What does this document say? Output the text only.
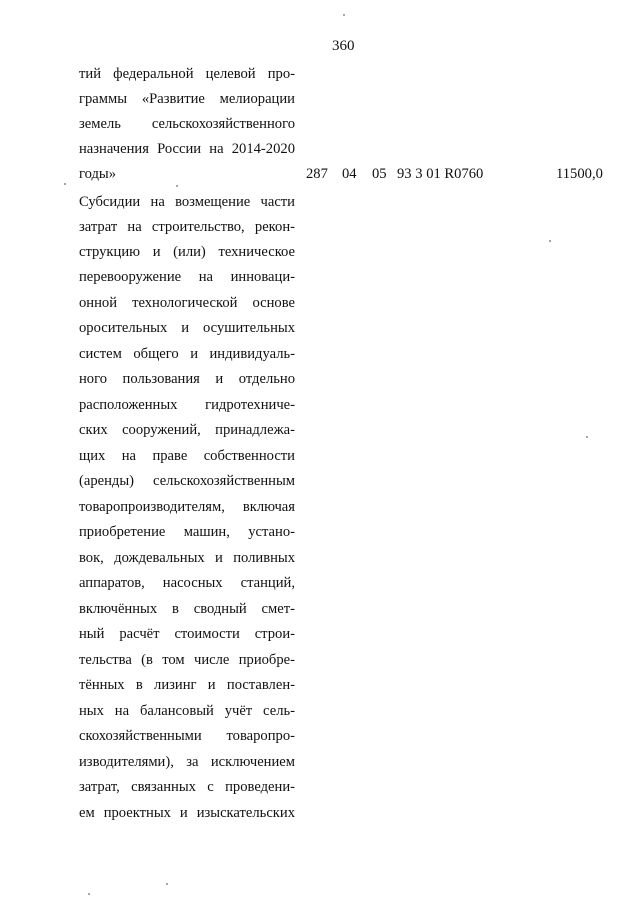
360
тий федеральной целевой про-
граммы «Развитие мелиорации
земель сельскохозяйственного
назначения России на 2014-2020
годы»
Субсидии на возмещение части
затрат на строительство, рекон-
струкцию и (или) техническое
перевооружение на инноваци-
онной технологической основе
оросительных и осушительных
систем общего и индивидуаль-
ного пользования и отдельно
расположенных гидротехниче-
ских сооружений, принадлежа-
щих на праве собственности
(аренды) сельскохозяйственным
товаропроизводителям, включая
приобретение машин, устано-
вок, дождевальных и поливных
аппаратов, насосных станций,
включённых в сводный смет-
ный расчёт стоимости строи-
тельства (в том числе приобре-
тённых в лизинг и поставлен-
ных на балансовый учёт сель-
скохозяйственными товаропро-
изводителями), за исключением
затрат, связанных с проведени-
ем проектных и изыскательских
287 04 05 93 3 01 R0760	11500,0
